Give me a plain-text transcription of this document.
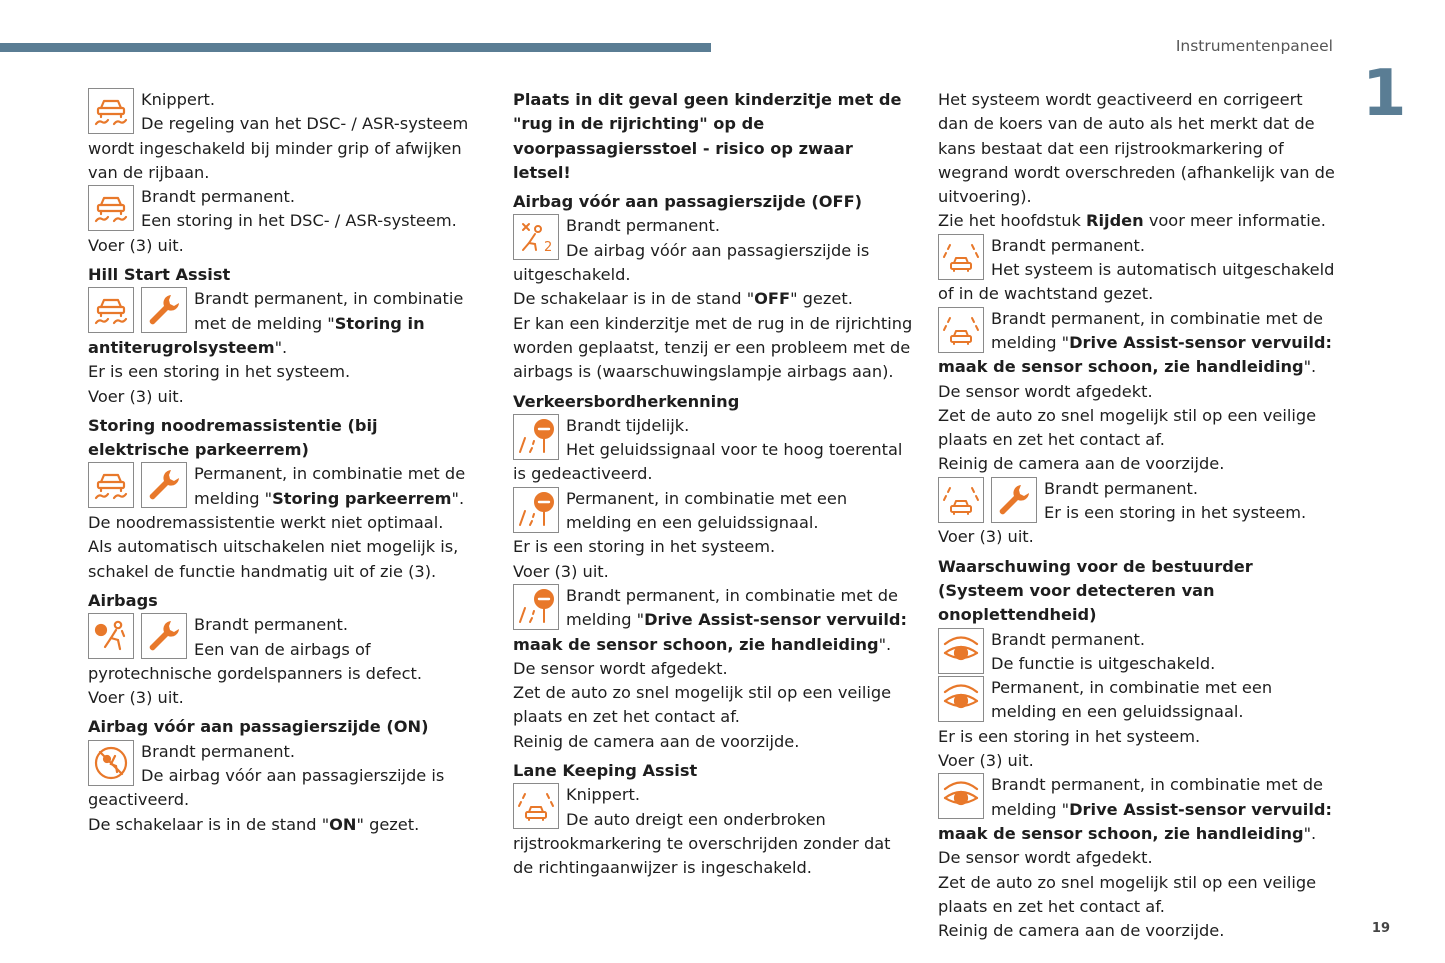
Instrumentenpaneel
1

Knippert.

De regeling van het DSC- / ASR-systeem wordt ingeschakeld bij minder grip of afwijken van de rijbaan.

Brandt permanent.

Een storing in het DSC- / ASR-systeem.

Voer (3) uit.

Hill Start Assist

Brandt permanent, in combinatie met de melding "Storing in antiterugrolsysteem".

Er is een storing in het systeem.

Voer (3) uit.

Storing noodremassistentie (bij elektrische parkeerrem)

Permanent, in combinatie met de melding "Storing parkeerrem".

De noodremassistentie werkt niet optimaal.

Als automatisch uitschakelen niet mogelijk is, schakel de functie handmatig uit of zie (3).

Airbags

Brandt permanent.

Een van de airbags of pyrotechnische gordelspanners is defect.

Voer (3) uit.

Airbag vóór aan passagierszijde (ON)

Brandt permanent.

De airbag vóór aan passagierszijde is geactiveerd.

De schakelaar is in de stand "ON" gezet.

Plaats in dit geval geen kinderzitje met de "rug in de rijrichting" op de voorpassagiersstoel - risico op zwaar letsel!

Airbag vóór aan passagierszijde (OFF)

Brandt permanent.

De airbag vóór aan passagierszijde is uitgeschakeld.

De schakelaar is in de stand "OFF" gezet.

Er kan een kinderzitje met de rug in de rijrichting worden geplaatst, tenzij er een probleem met de airbags is (waarschuwingslampje airbags aan).

Verkeersbordherkenning

Brandt tijdelijk.

Het geluidssignaal voor te hoog toerental is gedeactiveerd.

Permanent, in combinatie met een melding en een geluidssignaal.

Er is een storing in het systeem.

Voer (3) uit.

Brandt permanent, in combinatie met de melding "Drive Assist-sensor vervuild: maak de sensor schoon, zie handleiding".

De sensor wordt afgedekt.

Zet de auto zo snel mogelijk stil op een veilige plaats en zet het contact af.

Reinig de camera aan de voorzijde.

Lane Keeping Assist

Knippert.

De auto dreigt een onderbroken rijstrookmarkering te overschrijden zonder dat de richtingaanwijzer is ingeschakeld.

Het systeem wordt geactiveerd en corrigeert dan de koers van de auto als het merkt dat de kans bestaat dat een rijstrookmarkering of wegrand wordt overschreden (afhankelijk van de uitvoering).

Zie het hoofdstuk Rijden voor meer informatie.

Brandt permanent.

Het systeem is automatisch uitgeschakeld of in de wachtstand gezet.

Brandt permanent, in combinatie met de melding "Drive Assist-sensor vervuild: maak de sensor schoon, zie handleiding".

De sensor wordt afgedekt.

Zet de auto zo snel mogelijk stil op een veilige plaats en zet het contact af.

Reinig de camera aan de voorzijde.

Brandt permanent.

Er is een storing in het systeem.

Voer (3) uit.

Waarschuwing voor de bestuurder (Systeem voor detecteren van onoplettendheid)

Brandt permanent.

De functie is uitgeschakeld.

Permanent, in combinatie met een melding en een geluidssignaal.

Er is een storing in het systeem.

Voer (3) uit.

Brandt permanent, in combinatie met de melding "Drive Assist-sensor vervuild: maak de sensor schoon, zie handleiding".

De sensor wordt afgedekt.

Zet de auto zo snel mogelijk stil op een veilige plaats en zet het contact af.

Reinig de camera aan de voorzijde.	19
